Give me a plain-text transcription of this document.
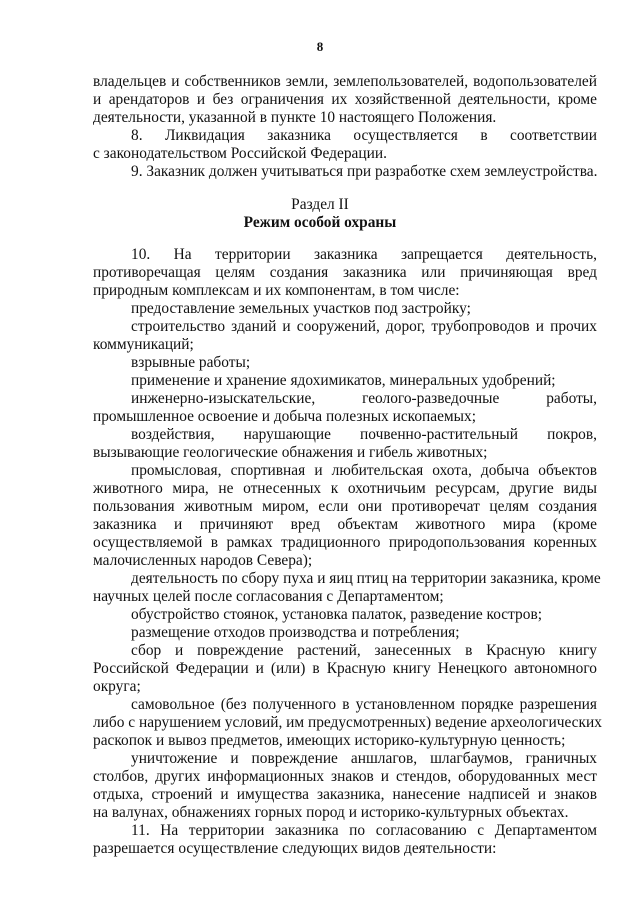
8
владельцев и собственников земли, землепользователей, водопользователей
и арендаторов и без ограничения их хозяйственной деятельности, кроме
деятельности, указанной в пункте 10 настоящего Положения.
8. Ликвидация заказника осуществляется в соответствии
с законодательством Российской Федерации.
9. Заказник должен учитываться при разработке схем землеустройства.
Раздел II
Режим особой охраны
10. На территории заказника запрещается деятельность,
противоречащая целям создания заказника или причиняющая вред
природным комплексам и их компонентам, в том числе:
предоставление земельных участков под застройку;
строительство зданий и сооружений, дорог, трубопроводов и прочих
коммуникаций;
взрывные работы;
применение и хранение ядохимикатов, минеральных удобрений;
инженерно-изыскательские, геолого-разведочные работы,
промышленное освоение и добыча полезных ископаемых;
воздействия, нарушающие почвенно-растительный покров,
вызывающие геологические обнажения и гибель животных;
промысловая, спортивная и любительская охота, добыча объектов
животного мира, не отнесенных к охотничьим ресурсам, другие виды
пользования животным миром, если они противоречат целям создания
заказника и причиняют вред объектам животного мира (кроме
осуществляемой в рамках традиционного природопользования коренных
малочисленных народов Севера);
деятельность по сбору пуха и яиц птиц на территории заказника, кроме
научных целей после согласования с Департаментом;
обустройство стоянок, установка палаток, разведение костров;
размещение отходов производства и потребления;
сбор и повреждение растений, занесенных в Красную книгу
Российской Федерации и (или) в Красную книгу Ненецкого автономного
округа;
самовольное (без полученного в установленном порядке разрешения
либо с нарушением условий, им предусмотренных) ведение археологических
раскопок и вывоз предметов, имеющих историко-культурную ценность;
уничтожение и повреждение аншлагов, шлагбаумов, граничных
столбов, других информационных знаков и стендов, оборудованных мест
отдыха, строений и имущества заказника, нанесение надписей и знаков
на валунах, обнажениях горных пород и историко-культурных объектах.
11. На территории заказника по согласованию с Департаментом
разрешается осуществление следующих видов деятельности:
